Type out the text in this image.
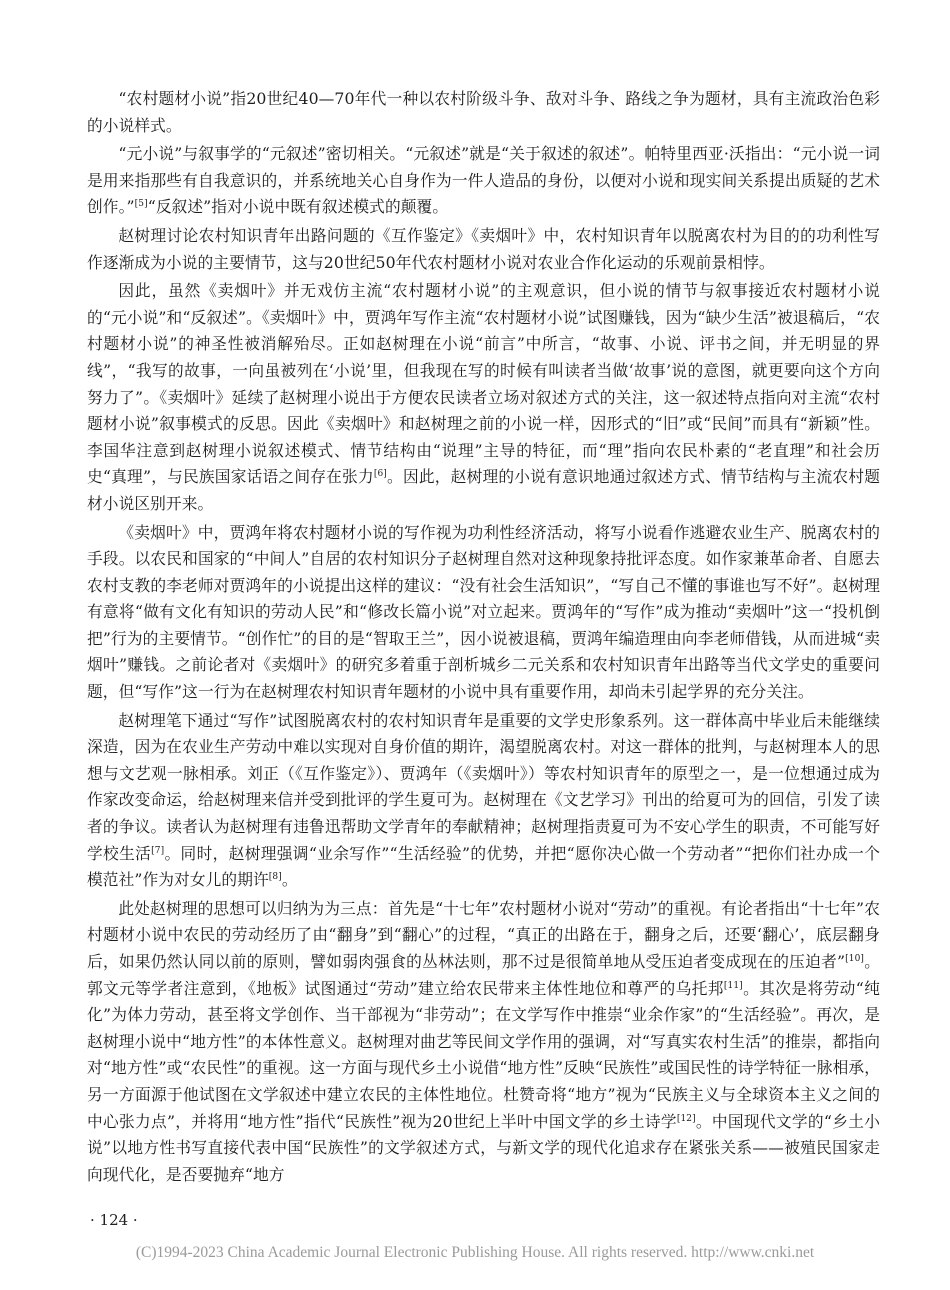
“农村题材小说”指20世纪40—70年代一种以农村阶级斗争、敌对斗争、路线之争为题材，具有主流政治色彩的小说样式。

“元小说”与叙事学的“元叙述”密切相关。“元叙述”就是“关于叙述的叙述”。帕特里西亚·沃指出：“元小说一词是用来指那些有自我意识的，并系统地关心自身作为一件人造品的身份，以便对小说和现实间关系提出质疑的艺术创作。”[5]“反叙述”指对小说中既有叙述模式的颠覆。

赵树理讨论农村知识青年出路问题的《互作鉴定》《卖烟叶》中，农村知识青年以脱离农村为目的的功利性写作逐渐成为小说的主要情节，这与20世纪50年代农村题材小说对农业合作化运动的乐观前景相悖。

因此，虽然《卖烟叶》并无戏仿主流“农村题材小说”的主观意识，但小说的情节与叙事接近农村题材小说的“元小说”和“反叙述”。《卖烟叶》中，贾鸿年写作主流“农村题材小说”试图赚钱，因为“缺少生活”被退稿后，“农村题材小说”的神圣性被消解殆尽。正如赵树理在小说“前言”中所言，“故事、小说、评书之间，并无明显的界线”，“我写的故事，一向虽被列在‘小说’里，但我现在写的时候有叫读者当做‘故事’说的意图，就更要向这个方向努力了”。《卖烟叶》延续了赵树理小说出于方便农民读者立场对叙述方式的关注，这一叙述特点指向对主流“农村题材小说”叙事模式的反思。因此《卖烟叶》和赵树理之前的小说一样，因形式的“旧”或“民间”而具有“新颖”性。李国华注意到赵树理小说叙述模式、情节结构由“说理”主导的特征，而“理”指向农民朴素的“老直理”和社会历史“真理”，与民族国家话语之间存在张力[6]。因此，赵树理的小说有意识地通过叙述方式、情节结构与主流农村题材小说区别开来。

《卖烟叶》中，贾鸿年将农村题材小说的写作视为功利性经济活动，将写小说看作逃避农业生产、脱离农村的手段。以农民和国家的“中间人”自居的农村知识分子赵树理自然对这种现象持批评态度。如作家兼革命者、自愿去农村支教的李老师对贾鸿年的小说提出这样的建议：“没有社会生活知识”，“写自己不懂的事谁也写不好”。赵树理有意将“做有文化有知识的劳动人民”和“修改长篇小说”对立起来。贾鸿年的“写作”成为推动“卖烟叶”这一“投机倒把”行为的主要情节。“创作忙”的目的是“智取王兰”，因小说被退稿，贾鸿年编造理由向李老师借钱，从而进城“卖烟叶”赚钱。之前论者对《卖烟叶》的研究多着重于剖析城乡二元关系和农村知识青年出路等当代文学史的重要问题，但“写作”这一行为在赵树理农村知识青年题材的小说中具有重要作用，却尚未引起学界的充分关注。

赵树理笔下通过“写作”试图脱离农村的农村知识青年是重要的文学史形象系列。这一群体高中毕业后未能继续深造，因为在农业生产劳动中难以实现对自身价值的期许，渴望脱离农村。对这一群体的批判，与赵树理本人的思想与文艺观一脉相承。刘正（《互作鉴定》）、贾鸿年（《卖烟叶》）等农村知识青年的原型之一，是一位想通过成为作家改变命运，给赵树理来信并受到批评的学生夏可为。赵树理在《文艺学习》刊出的给夏可为的回信，引发了读者的争议。读者认为赵树理有违鲁迅帮助文学青年的奉献精神；赵树理指责夏可为不安心学生的职责，不可能写好学校生活[7]。同时，赵树理强调“业余写作”“生活经验”的优势，并把“愿你决心做一个劳动者”“把你们社办成一个模范社”作为对女儿的期许[8]。

此处赵树理的思想可以归纳为为三点：首先是“十七年”农村题材小说对“劳动”的重视。有论者指出“十七年”农村题材小说中农民的劳动经历了由“翻身”到“翻心”的过程，“真正的出路在于，翻身之后，还要‘翻心’，底层翻身后，如果仍然认同以前的原则，譬如弱肉强食的丛林法则，那不过是很简单地从受压迫者变成现在的压迫者”[10]。郭文元等学者注意到，《地板》试图通过“劳动”建立给农民带来主体性地位和尊严的乌托邦[11]。其次是将劳动“纯化”为体力劳动，甚至将文学创作、当干部视为“非劳动”；在文学写作中推崇“业余作家”的“生活经验”。再次，是赵树理小说中“地方性”的本体性意义。赵树理对曲艺等民间文学作用的强调，对“写真实农村生活”的推崇，都指向对“地方性”或“农民性”的重视。这一方面与现代乡土小说借“地方性”反映“民族性”或国民性的诗学特征一脉相承，另一方面源于他试图在文学叙述中建立农民的主体性地位。杜赞奇将“地方”视为“民族主义与全球资本主义之间的中心张力点”，并将用“地方性”指代“民族性”视为20世纪上半叶中国文学的乡土诗学[12]。中国现代文学的“乡土小说”以地方性书写直接代表中国“民族性”的文学叙述方式，与新文学的现代化追求存在紧张关系——被殖民国家走向现代化，是否要抛弃“地方

· 124 ·
(C)1994-2023 China Academic Journal Electronic Publishing House. All rights reserved. http://www.cnki.net
